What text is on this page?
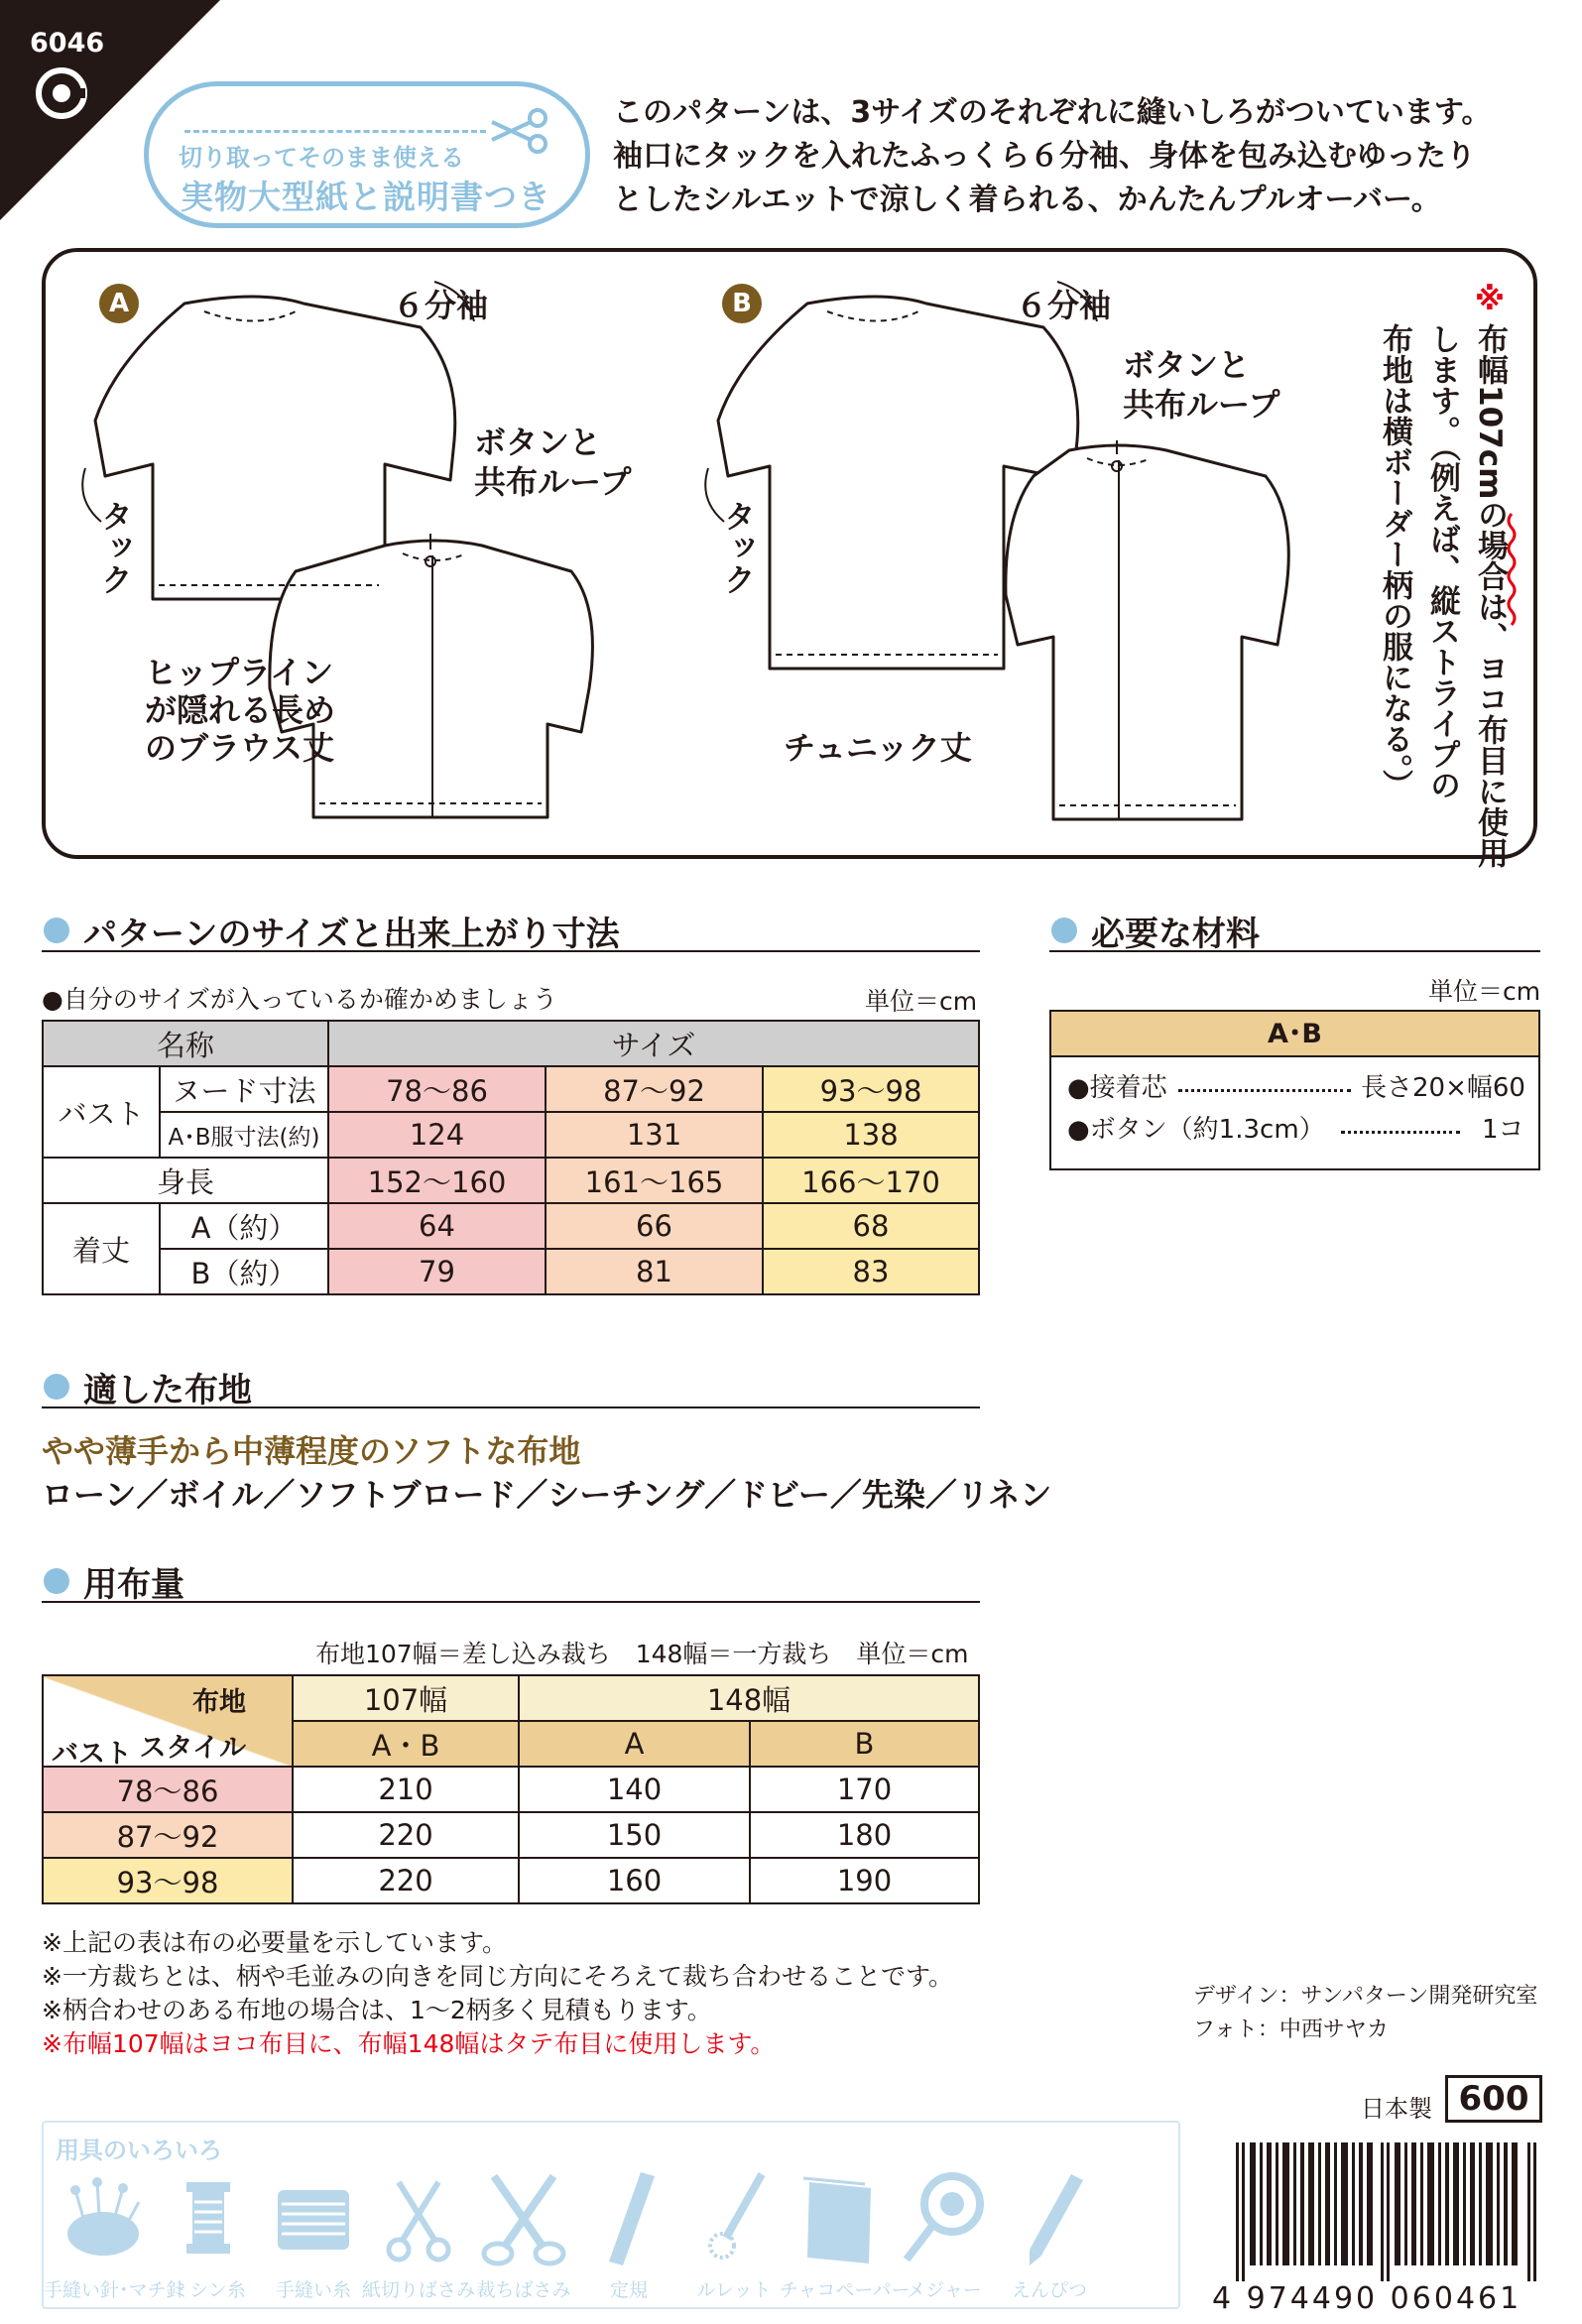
6046
切り取ってそのまま使える
実物大型紙と説明書つき

このパターンは、3サイズのそれぞれに縫いしろがついています。

袖口にタックを入れたふっくら６分袖、身体を包み込むゆったり

としたシルエットで涼しく着られる、かんたんプルオーバー。

A	６分袖
ボタンと
共布ループ
タック
ヒップライン
が隠れる長め
のブラウス丈
B	６分袖
ボタンと
共布ループ
タック
チュニック丈
※
布幅107cmの場合は、ヨコ布目に使用
します。（例えば、縦ストライプの
布地は横ボーダー柄の服になる。）
パターンのサイズと出来上がり寸法
●自分のサイズが入っているか確かめましょう	単位＝cm
名称		サイズ		
バスト	ヌード寸法	78〜86	87〜92	93〜98
	A･B服寸法(約)	124	131	138
身長		152〜160	161〜165	166〜170
着丈	A（約）	64	66	68
	B（約）	79	81	83
必要な材料
単位＝cm
A･B
●接着芯	長さ20×幅60
●ボタン（約1.3cm）	1コ
適した布地
やや薄手から中薄程度のソフトな布地
ローン／ボイル／ソフトブロード／シーチング／ドビー／先染／リネン
用布量
布地107幅＝差し込み裁ち　148幅＝一方裁ち　単位＝cm
布地
スタイル
バスト	107幅	148幅	
	A・B	A	B
78〜86	210	140	170
87〜92	220	150	180
93〜98	220	160	190

※上記の表は布の必要量を示しています。

※一方裁ちとは、柄や毛並みの向きを同じ方向にそろえて裁ち合わせることです。

※柄合わせのある布地の場合は、1〜2柄多く見積もります。

※布幅107幅はヨコ布目に、布幅148幅はタテ布目に使用します。

デザイン：サンパターン開発研究室

フォト：中西サヤカ

日本製 600
用具のいろいろ
手縫い針･マチ針
ミシン糸	手縫い糸 紙切りばさみ 裁ちばさみ	定規	ルレット チャコペーパー
メジャー	えんぴつ	4 974490 060461
